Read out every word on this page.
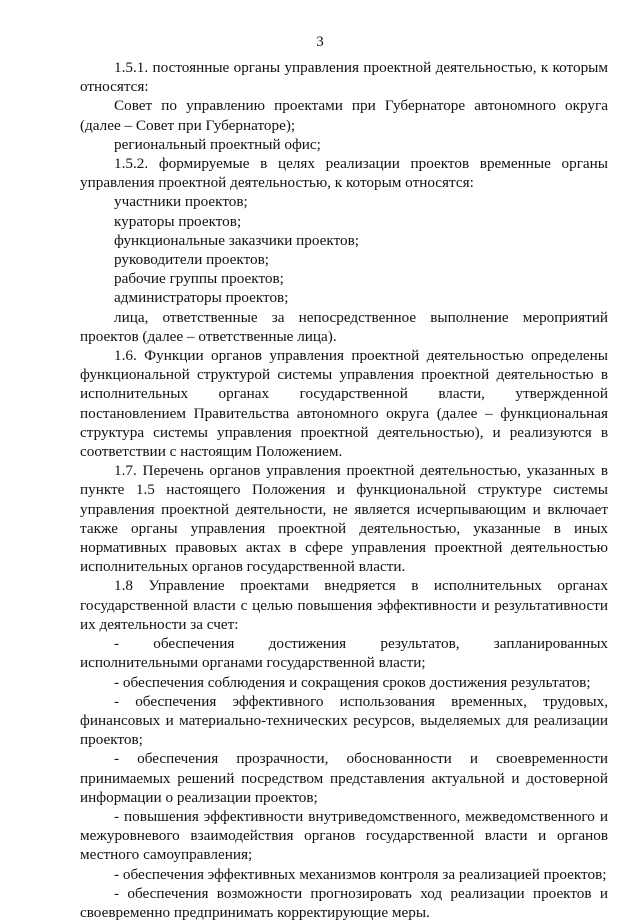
3

1.5.1. постоянные органы управления проектной деятельностью, к которым относятся:

Совет по управлению проектами при Губернаторе автономного округа (далее – Совет при Губернаторе);

региональный проектный офис;

1.5.2. формируемые в целях реализации проектов временные органы управления проектной деятельностью, к которым относятся:

участники проектов;

кураторы проектов;

функциональные заказчики проектов;

руководители проектов;

рабочие группы проектов;

администраторы проектов;

лица, ответственные за непосредственное выполнение мероприятий проектов (далее – ответственные лица).

1.6. Функции органов управления проектной деятельностью определены функциональной структурой системы управления проектной деятельностью в исполнительных органах государственной власти, утвержденной постановлением Правительства автономного округа (далее – функциональная структура системы управления проектной деятельностью), и реализуются в соответствии с настоящим Положением.

1.7. Перечень органов управления проектной деятельностью, указанных в пункте 1.5 настоящего Положения и функциональной структуре системы управления проектной деятельности, не является исчерпывающим и включает также органы управления проектной деятельностью, указанные в иных нормативных правовых актах в сфере управления проектной деятельностью исполнительных органов государственной власти.

1.8 Управление проектами внедряется в исполнительных органах государственной власти с целью повышения эффективности и результативности их деятельности за счет:

- обеспечения достижения результатов, запланированных исполнительными органами государственной власти;

- обеспечения соблюдения и сокращения сроков достижения результатов;

- обеспечения эффективного использования временных, трудовых, финансовых и материально-технических ресурсов, выделяемых для реализации проектов;

- обеспечения прозрачности, обоснованности и своевременности принимаемых решений посредством представления актуальной и достоверной информации о реализации проектов;

- повышения эффективности внутриведомственного, межведомственного и межуровневого взаимодействия органов государственной власти и органов местного самоуправления;

- обеспечения эффективных механизмов контроля за реализацией проектов;

- обеспечения возможности прогнозировать ход реализации проектов и своевременно предпринимать корректирующие меры.
